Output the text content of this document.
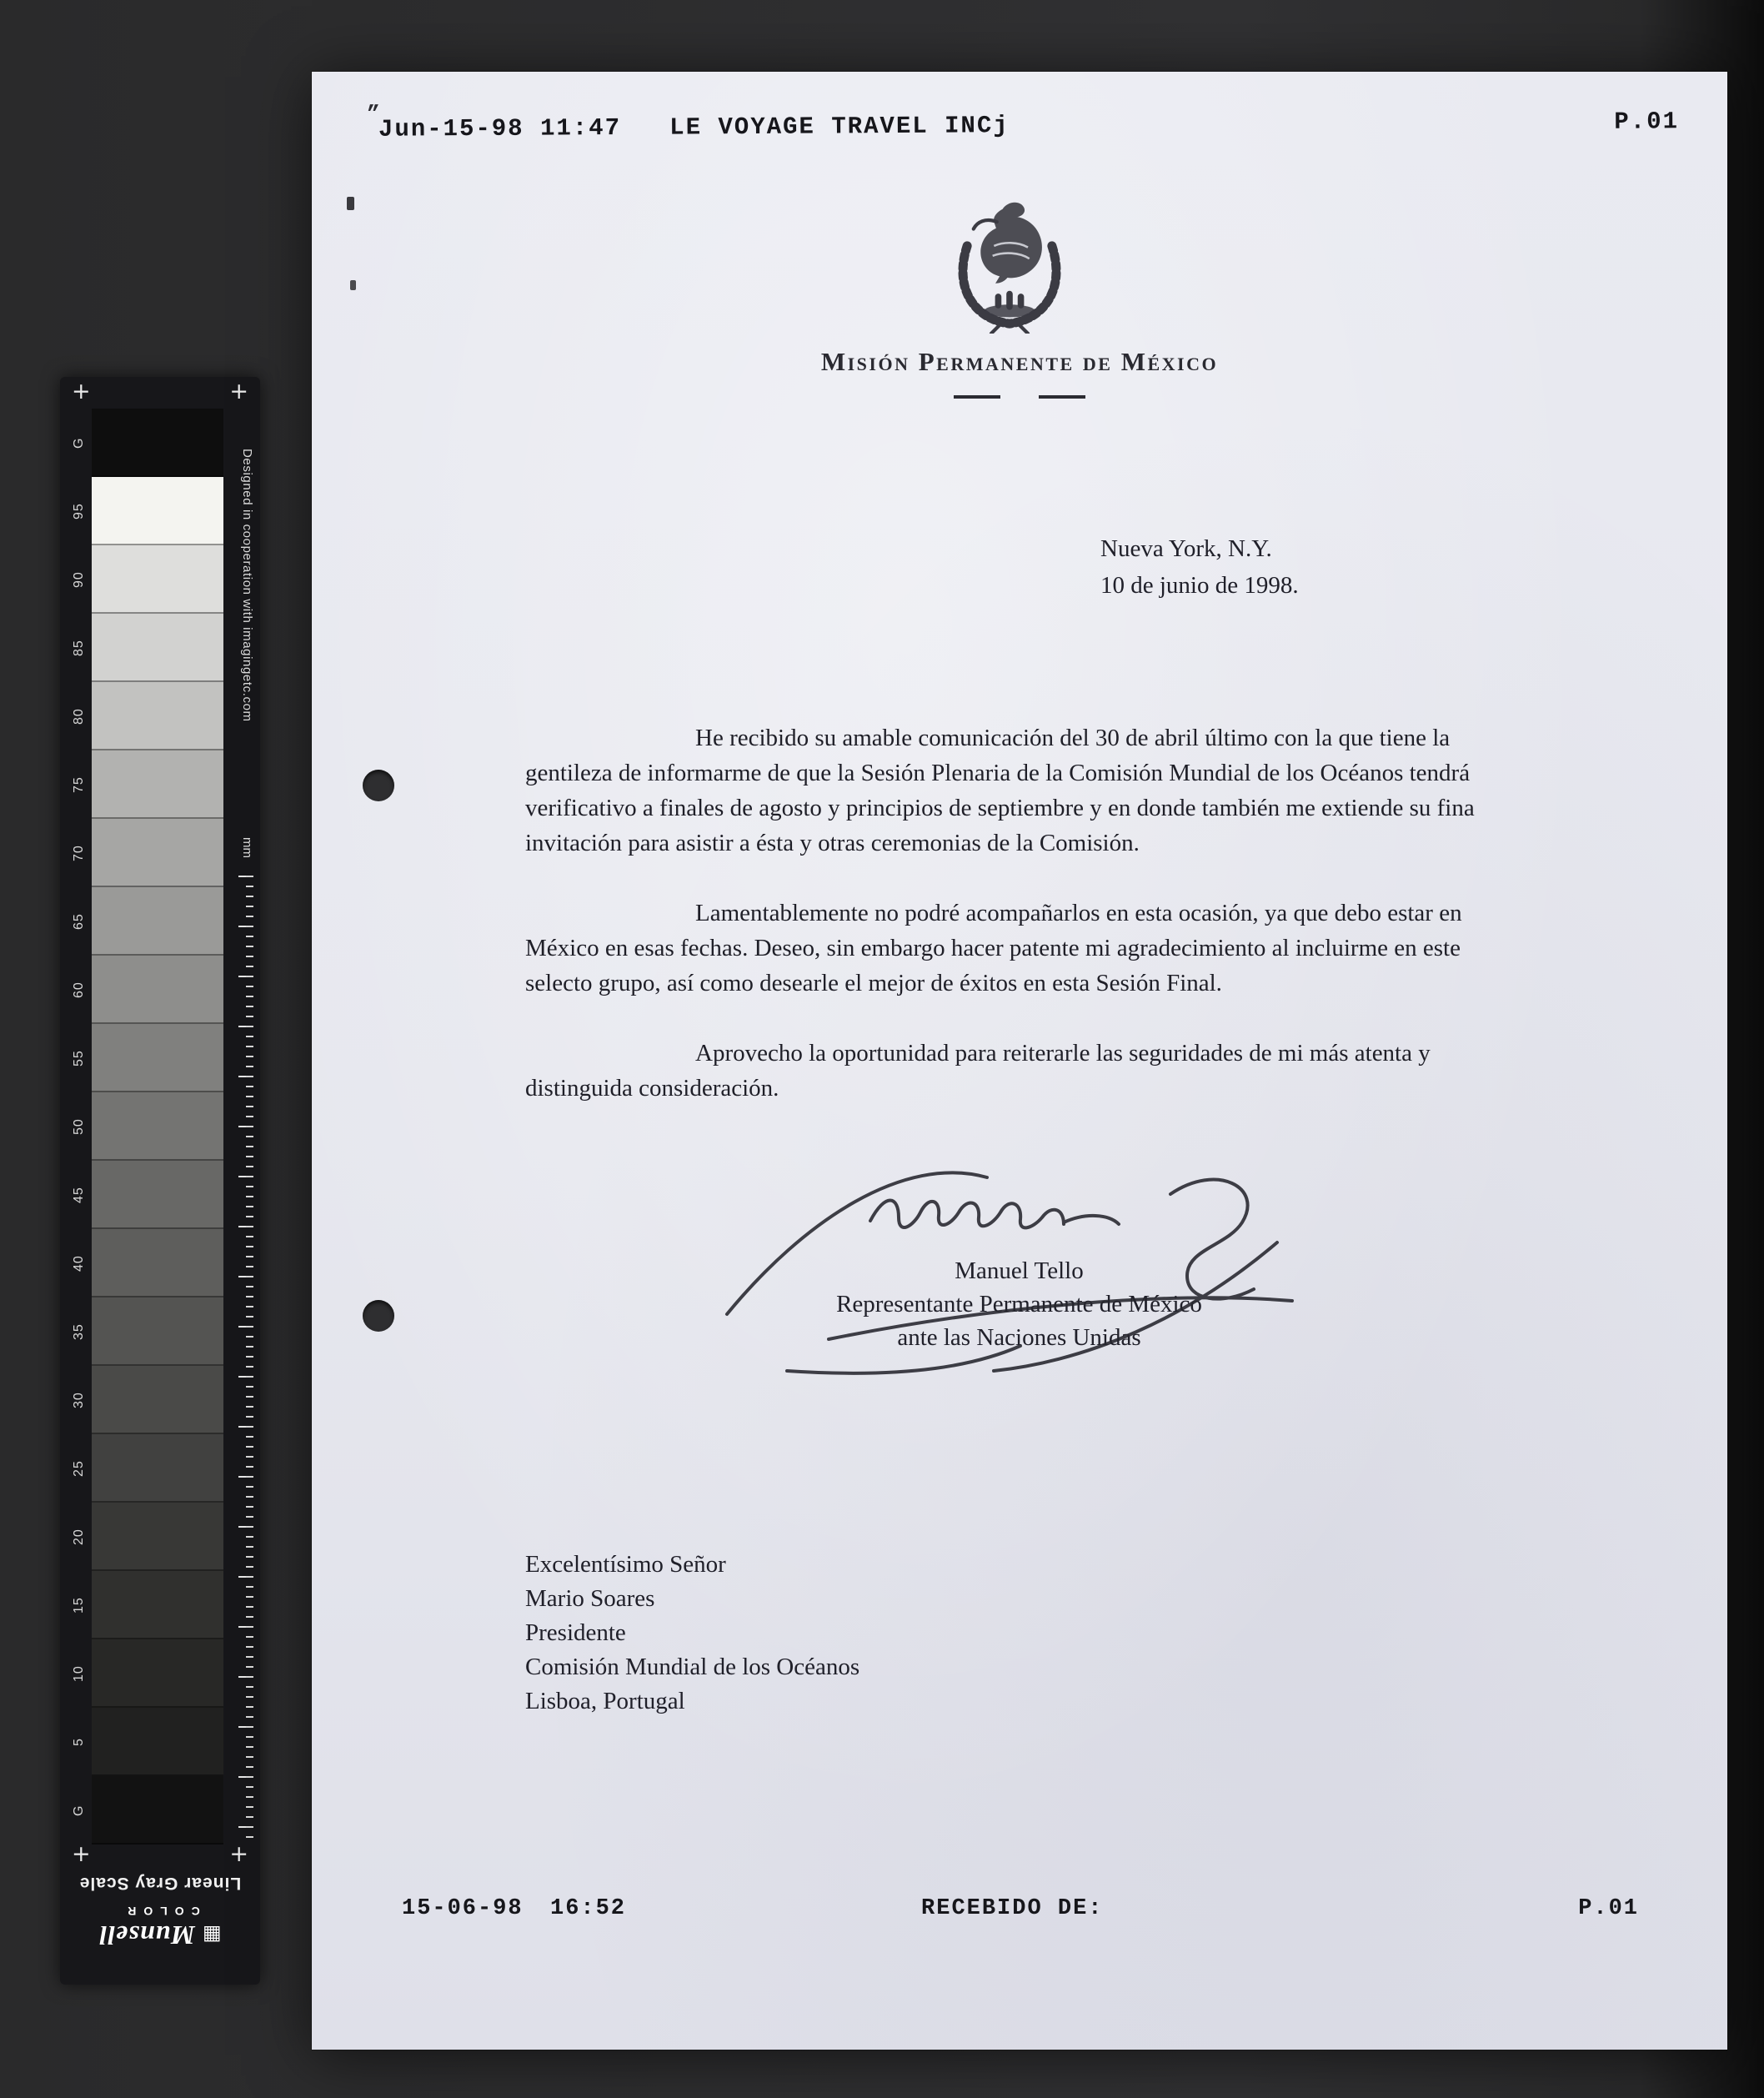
+	+
+	+
G
95
90
85
80
75
70
65
60
55
50
45
40
35
30
25
20
15
10
5
G
Designed in cooperation with imagingetc.com
mm
Linear Gray Scale
▦Munsell
COLOR
”
Jun-15-98 11:47   LE VOYAGE TRAVEL INCj	P.01
Misión Permanente de México
Nueva York, N.Y.
10 de junio de 1998.

He recibido su amable comunicación del 30 de abril último con la que tiene la gentileza de informarme de que la Sesión Plenaria de la Comisión Mundial de los Océanos tendrá verificativo a finales de agosto y principios de septiembre y en donde también me extiende su fina invitación para asistir a ésta y otras ceremonias de la Comisión.

Lamentablemente no podré acompañarlos en esta ocasión, ya que debo estar en México en esas fechas. Deseo, sin embargo hacer patente mi agradecimiento al incluirme en este selecto grupo, así como desearle el mejor de éxitos en esta Sesión Final.

Aprovecho la oportunidad para reiterarle las seguridades de mi más atenta y distinguida consideración.

Manuel Tello
Representante Permanente de México
ante las Naciones Unidas
Excelentísimo Señor
Mario Soares
Presidente
Comisión Mundial de los Océanos
Lisboa, Portugal
15-06-98 16:52	RECEBIDO DE:	P.01
